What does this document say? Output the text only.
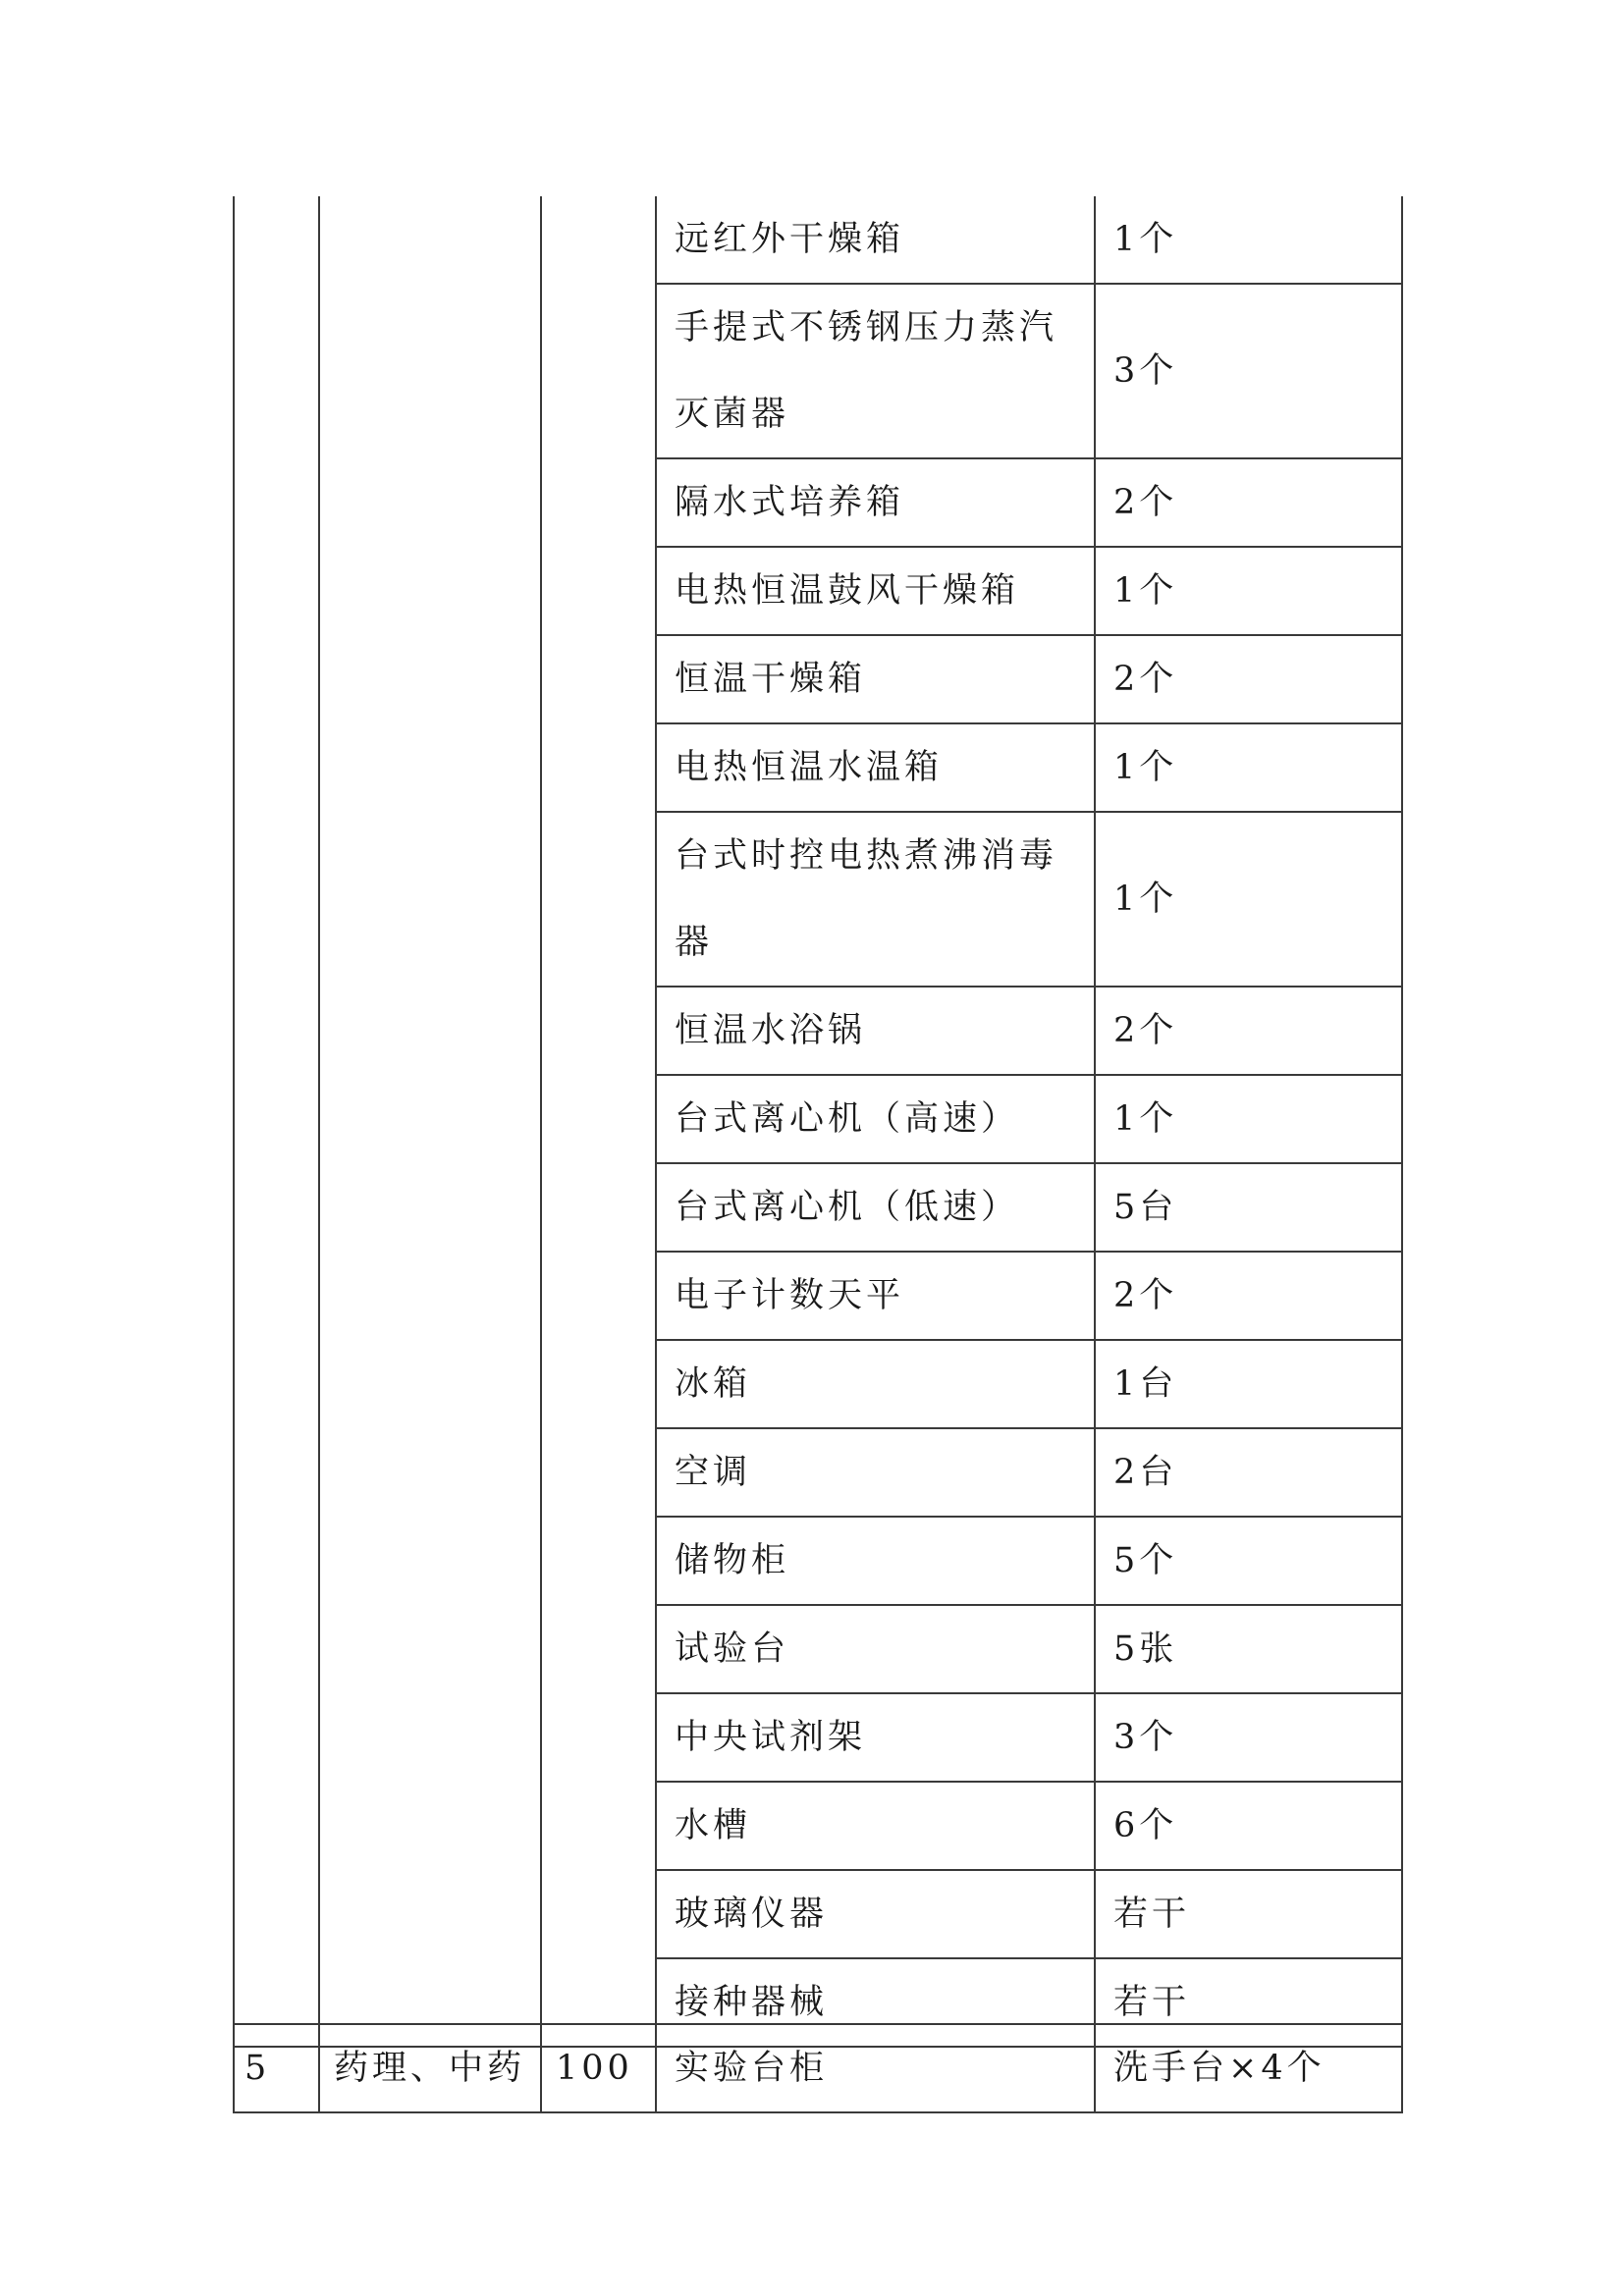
			远红外干燥箱	1个
			手提式不锈钢压力蒸汽灭菌器	3个
			隔水式培养箱	2个
			电热恒温鼓风干燥箱	1个
			恒温干燥箱	2个
			电热恒温水温箱	1个
			台式时控电热煮沸消毒器	1个
			恒温水浴锅	2个
			台式离心机（高速）	1个
			台式离心机（低速）	5台
			电子计数天平	2个
			冰箱	1台
			空调	2台
			储物柜	5个
			试验台	5张
			中央试剂架	3个
			水槽	6个
			玻璃仪器	若干
			接种器械	若干
5	药理、中药	100	实验台柜	洗手台×4个
